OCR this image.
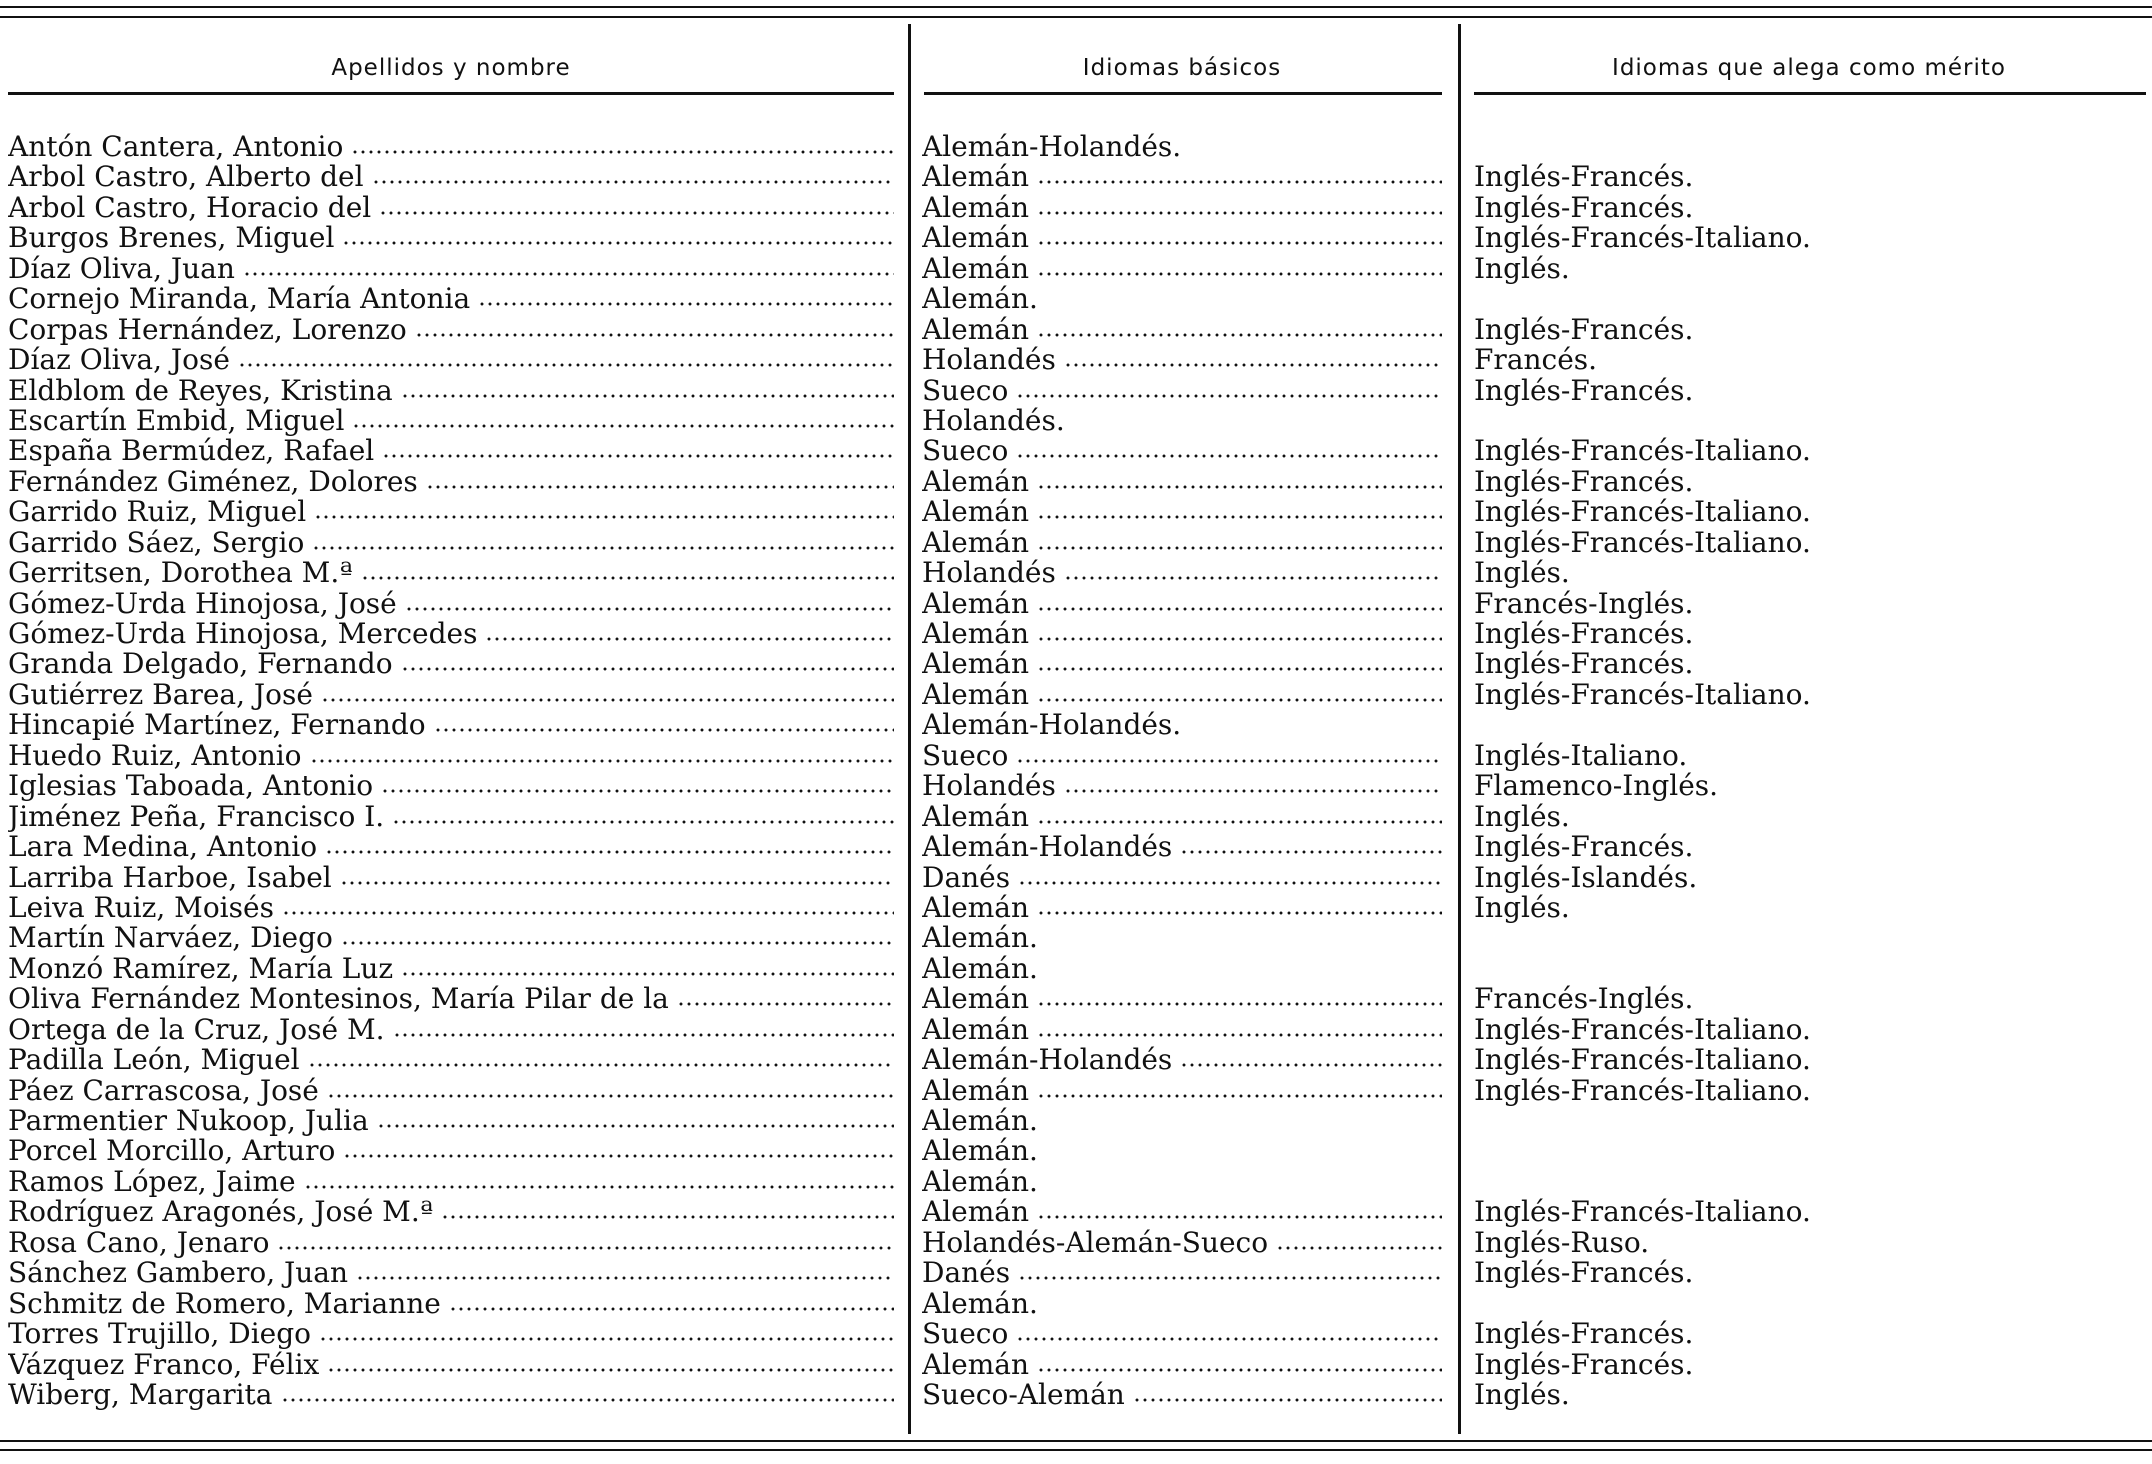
Apellidos y nombre	Idiomas básicos	Idiomas que alega como mérito
Antón Cantera, Antonio	Alemán-Holandés.
Arbol Castro, Alberto del	Alemán	Inglés-Francés.
Arbol Castro, Horacio del	Alemán	Inglés-Francés.
Burgos Brenes, Miguel	Alemán	Inglés-Francés-Italiano.
Díaz Oliva, Juan	Alemán	Inglés.
Cornejo Miranda, María Antonia	Alemán.
Corpas Hernández, Lorenzo	Alemán	Inglés-Francés.
Díaz Oliva, José	Holandés	Francés.
Eldblom de Reyes, Kristina	Sueco	Inglés-Francés.
Escartín Embid, Miguel	Holandés.
España Bermúdez, Rafael	Sueco	Inglés-Francés-Italiano.
Fernández Giménez, Dolores	Alemán	Inglés-Francés.
Garrido Ruiz, Miguel	Alemán	Inglés-Francés-Italiano.
Garrido Sáez, Sergio	Alemán	Inglés-Francés-Italiano.
Gerritsen, Dorothea M.ª	Holandés	Inglés.
Gómez-Urda Hinojosa, José	Alemán	Francés-Inglés.
Gómez-Urda Hinojosa, Mercedes	Alemán	Inglés-Francés.
Granda Delgado, Fernando	Alemán	Inglés-Francés.
Gutiérrez Barea, José	Alemán	Inglés-Francés-Italiano.
Hincapié Martínez, Fernando	Alemán-Holandés.
Huedo Ruiz, Antonio	Sueco	Inglés-Italiano.
Iglesias Taboada, Antonio	Holandés	Flamenco-Inglés.
Jiménez Peña, Francisco I.	Alemán	Inglés.
Lara Medina, Antonio	Alemán-Holandés	Inglés-Francés.
Larriba Harboe, Isabel	Danés	Inglés-Islandés.
Leiva Ruiz, Moisés	Alemán	Inglés.
Martín Narváez, Diego	Alemán.
Monzó Ramírez, María Luz	Alemán.
Oliva Fernández Montesinos, María Pilar de la	Alemán	Francés-Inglés.
Ortega de la Cruz, José M.	Alemán	Inglés-Francés-Italiano.
Padilla León, Miguel	Alemán-Holandés	Inglés-Francés-Italiano.
Páez Carrascosa, José	Alemán	Inglés-Francés-Italiano.
Parmentier Nukoop, Julia	Alemán.
Porcel Morcillo, Arturo	Alemán.
Ramos López, Jaime	Alemán.
Rodríguez Aragonés, José M.ª	Alemán	Inglés-Francés-Italiano.
Rosa Cano, Jenaro	Holandés-Alemán-Sueco	Inglés-Ruso.
Sánchez Gambero, Juan	Danés	Inglés-Francés.
Schmitz de Romero, Marianne	Alemán.
Torres Trujillo, Diego	Sueco	Inglés-Francés.
Vázquez Franco, Félix	Alemán	Inglés-Francés.
Wiberg, Margarita	Sueco-Alemán	Inglés.
